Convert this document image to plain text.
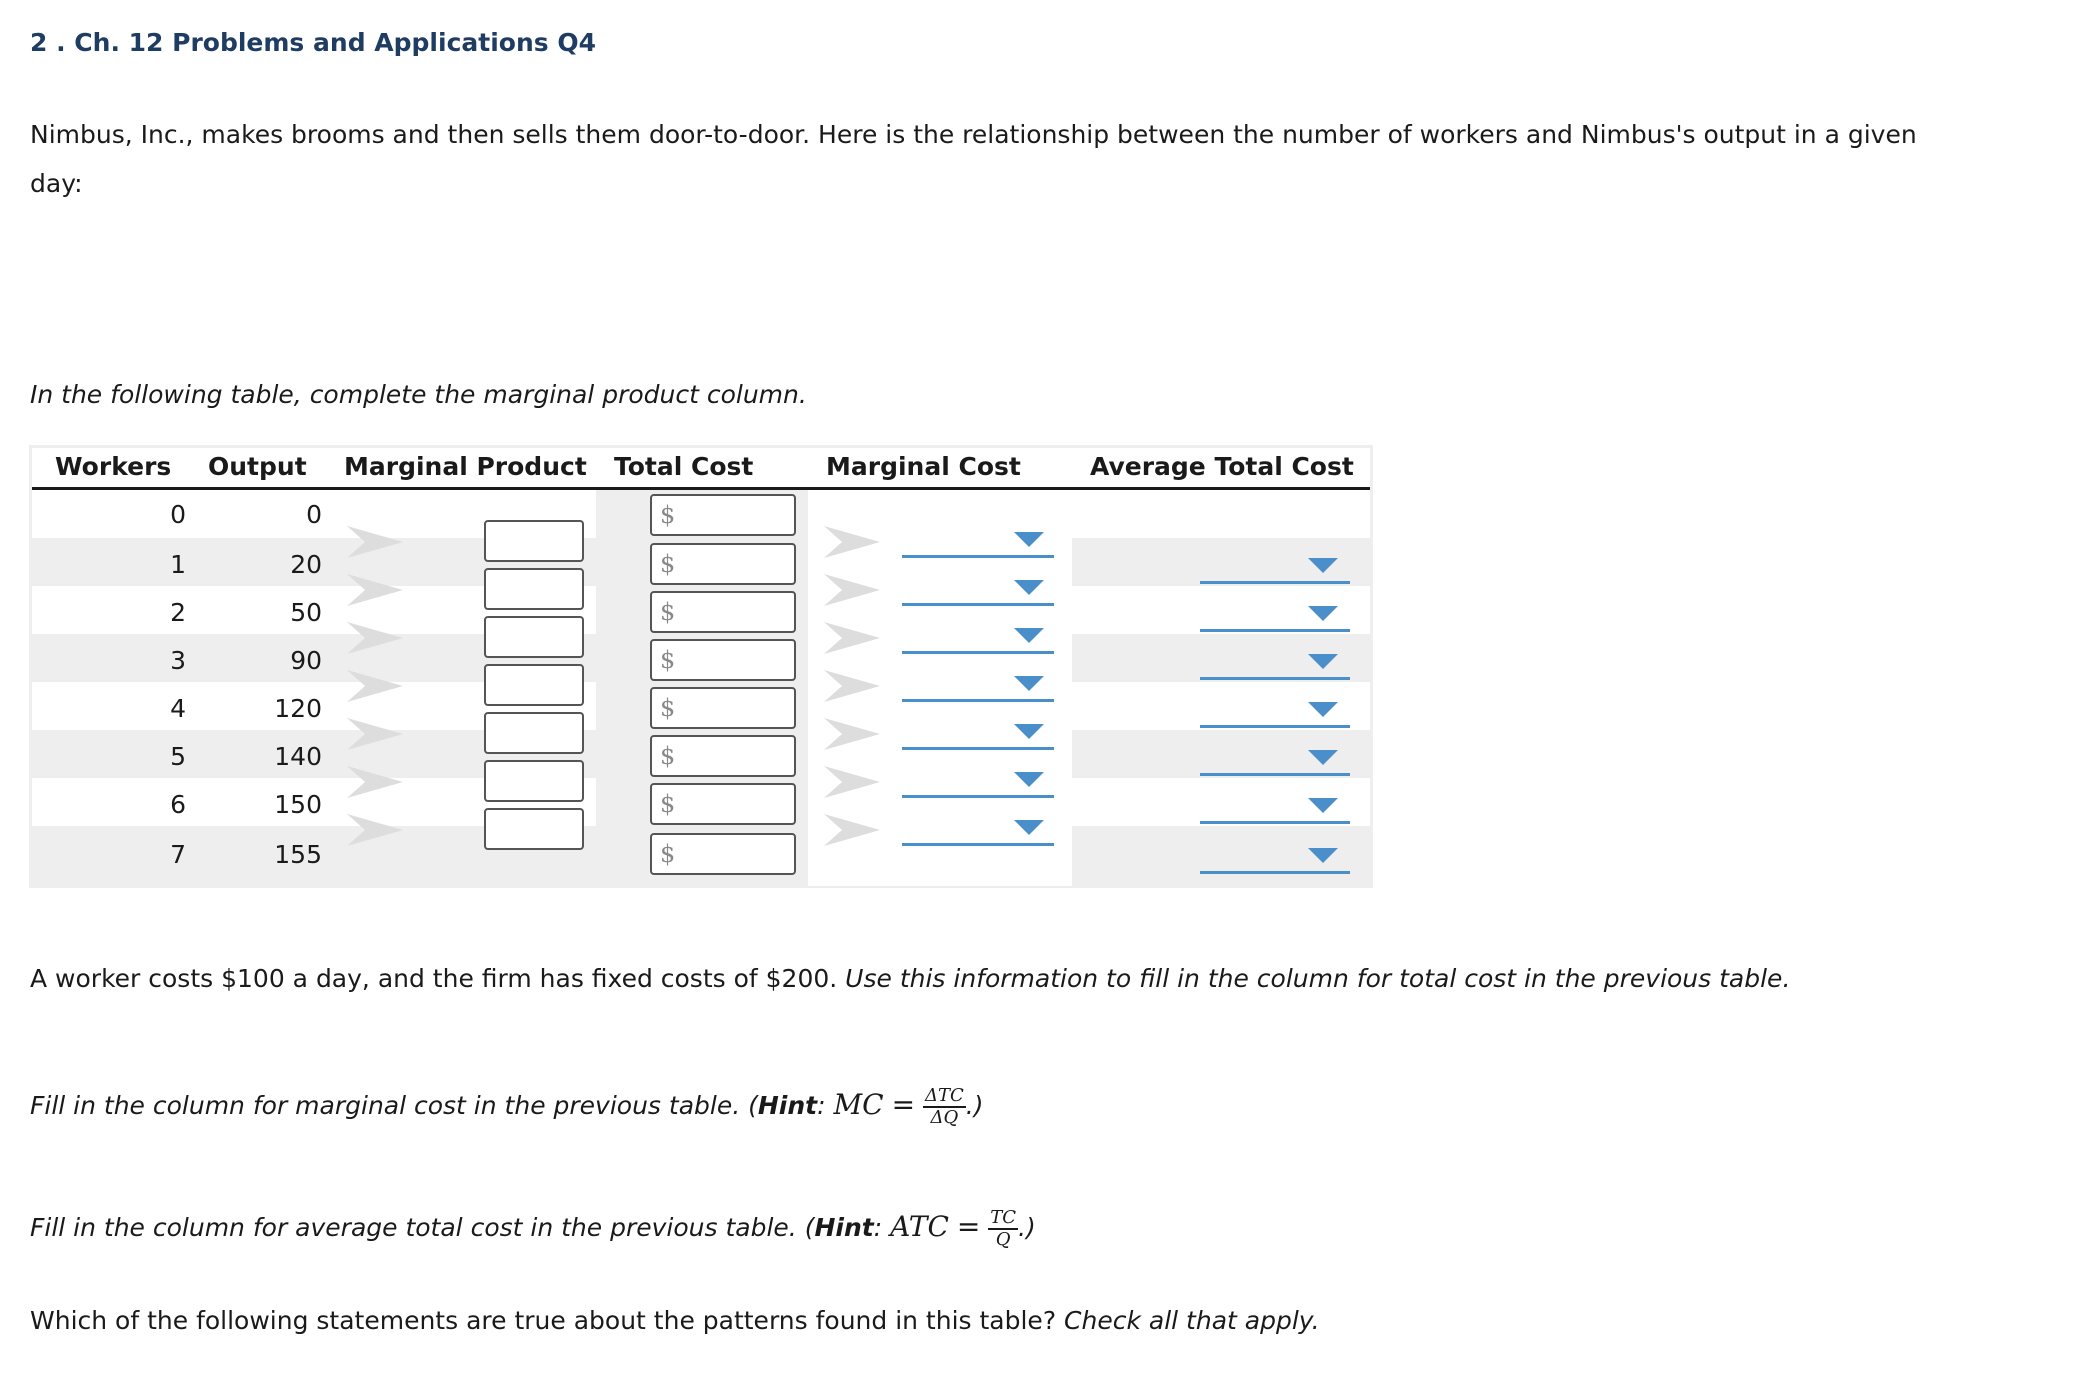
2 . Ch. 12 Problems and Applications Q4
Nimbus, Inc., makes brooms and then sells them door-to-door. Here is the relationship between the number of workers and Nimbus's output in a given day:
In the following table, complete the marginal product column.
Workers Output Marginal Product Total Cost	Marginal Cost	Average Total Cost
0
1
2
3
4
5
6
7
0
20
50
90
120
140
150
155
$
$
$
$
$
$
$
$
A worker costs $100 a day, and the firm has fixed costs of $200. Use this information to fill in the column for total cost in the previous table.
Fill in the column for marginal cost in the previous table. (Hint: MC = $\frac{\text{ΔTC}}{\Delta Q}$ .)
Fill in the column for average total cost in the previous table. (Hint: ATC = $\frac{TC}{Q}$ .)
Which of the following statements are true about the patterns found in this table? Check all that apply.
